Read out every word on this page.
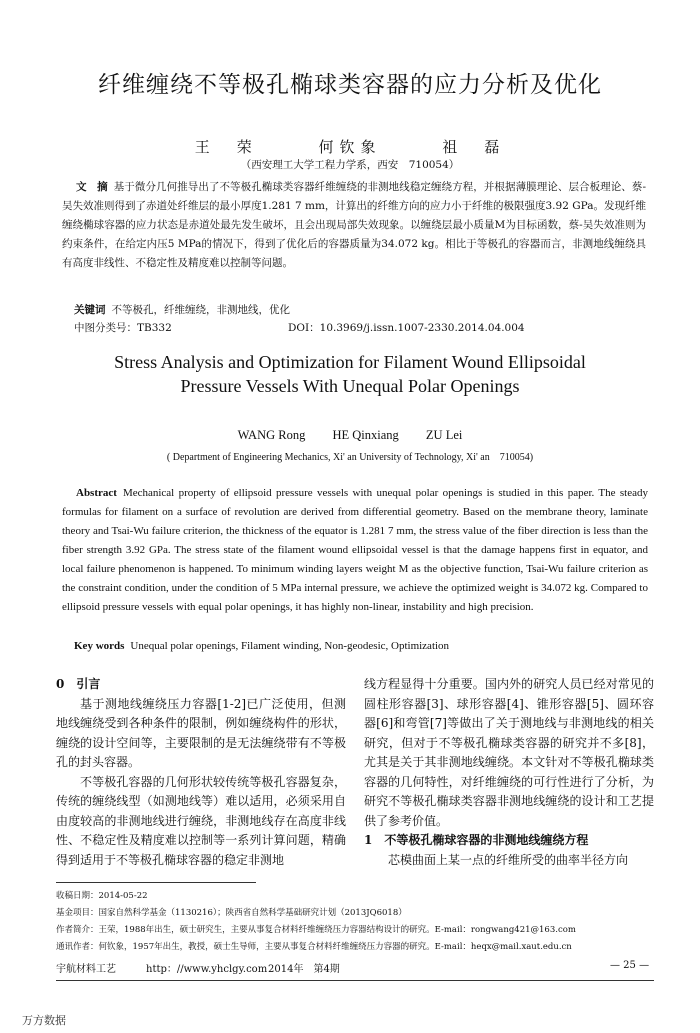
纤维缠绕不等极孔椭球类容器的应力分析及优化
王　荣	何钦象	祖　磊
（西安理工大学工程力学系，西安　710054）
文　摘 基于微分几何推导出了不等极孔椭球类容器纤维缠绕的非测地线稳定缠绕方程，并根据薄膜理论、层合板理论、蔡-吴失效准则得到了赤道处纤维层的最小厚度1.281 7 mm，计算出的纤维方向的应力小于纤维的极限强度3.92 GPa。发现纤维缠绕椭球容器的应力状态是赤道处最先发生破坏，且会出现局部失效现象。以缠绕层最小质量M为目标函数，蔡-吴失效准则为约束条件，在给定内压5 MPa的情况下，得到了优化后的容器质量为34.072 kg。相比于等极孔的容器而言，非测地线缠绕具有高度非线性、不稳定性及精度难以控制等问题。
关键词 不等极孔，纤维缠绕，非测地线，优化
中图分类号：TB332	DOI：10.3969/j.issn.1007-2330.2014.04.004
Stress Analysis and Optimization for Filament Wound Ellipsoidal
Pressure Vessels With Unequal Polar Openings
WANG Rong HE Qinxiang ZU Lei
( Department of Engineering Mechanics, Xi' an University of Technology, Xi' an　710054)
Abstract Mechanical property of ellipsoid pressure vessels with unequal polar openings is studied in this paper. The steady formulas for filament on a surface of revolution are derived from differential geometry. Based on the membrane theory, laminate theory and Tsai-Wu failure criterion, the thickness of the equator is 1.281 7 mm, the stress value of the fiber direction is less than the fiber strength 3.92 GPa. The stress state of the filament wound ellipsoidal vessel is that the damage happens first in equator, and local failure phenomenon is happened. To minimum winding layers weight M as the objective function, Tsai-Wu failure criterion as the constraint condition, under the condition of 5 MPa internal pressure, we achieve the optimized weight is 34.072 kg. Compared to ellipsoid pressure vessels with equal polar openings, it has highly non-linear, instability and high precision.
Key words Unequal polar openings, Filament winding, Non-geodesic, Optimization

0　引言

基于测地线缠绕压力容器[1-2]已广泛使用，但测地线缠绕受到各种条件的限制，例如缠绕构件的形状，缠绕的设计空间等，主要限制的是无法缠绕带有不等极孔的封头容器。

不等极孔容器的几何形状较传统等极孔容器复杂，传统的缠绕线型（如测地线等）难以适用，必须采用自由度较高的非测地线进行缠绕，非测地线存在高度非线性、不稳定性及精度难以控制等一系列计算问题，精确得到适用于不等极孔椭球容器的稳定非测地

线方程显得十分重要。国内外的研究人员已经对常见的圆柱形容器[3]、球形容器[4]、锥形容器[5]、圆环容器[6]和弯管[7]等做出了关于测地线与非测地线的相关研究，但对于不等极孔椭球类容器的研究并不多[8]，尤其是关于其非测地线缠绕。本文针对不等极孔椭球类容器的几何特性，对纤维缠绕的可行性进行了分析，为研究不等极孔椭球类容器非测地线缠绕的设计和工艺提供了参考价值。

1　不等极孔椭球容器的非测地线缠绕方程

芯模曲面上某一点的纤维所受的曲率半径方向

收稿日期：2014-05-22
基金项目：国家自然科学基金（1130216）；陕西省自然科学基础研究计划（2013JQ6018）
作者简介：王荣，1988年出生，硕士研究生，主要从事复合材料纤维缠绕压力容器结构设计的研究。E-mail：rongwang421@163.com
通讯作者：何钦象，1957年出生，教授，硕士生导师，主要从事复合材料纤维缠绕压力容器的研究。E-mail：heqx@mail.xaut.edu.cn
宇航材料工艺	http：//www.yhclgy.com 2014年　第4期	— 25 —
万方数据
